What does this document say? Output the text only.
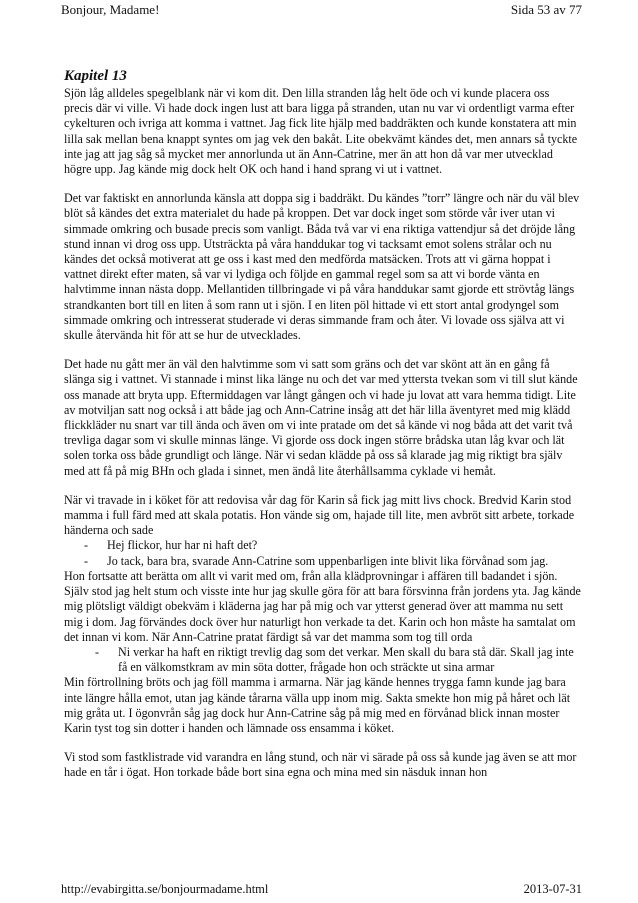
Bonjour, Madame!	Sida 53 av 77
Kapitel 13

Sjön låg alldeles spegelblank när vi kom dit. Den lilla stranden låg helt öde och vi kunde placera oss precis där vi ville. Vi hade dock ingen lust att bara ligga på stranden, utan nu var vi ordentligt varma efter cykelturen och ivriga att komma i vattnet. Jag fick lite hjälp med baddräkten och kunde konstatera att min lilla sak mellan bena knappt syntes om jag vek den bakåt. Lite obekvämt kändes det, men annars så tyckte inte jag att jag såg så mycket mer annorlunda ut än Ann-Catrine, mer än att hon då var mer utvecklad högre upp. Jag kände mig dock helt OK och hand i hand sprang vi ut i vattnet.

Det var faktiskt en annorlunda känsla att doppa sig i baddräkt. Du kändes ”torr” längre och när du väl blev blöt så kändes det extra materialet du hade på kroppen. Det var dock inget som störde vår iver utan vi simmade omkring och busade precis som vanligt. Båda två var vi ena riktiga vattendjur så det dröjde lång stund innan vi drog oss upp. Utsträckta på våra handdukar tog vi tacksamt emot solens strålar och nu kändes det också motiverat att ge oss i kast med den medförda matsäcken. Trots att vi gärna hoppat i vattnet direkt efter maten, så var vi lydiga och följde en gammal regel som sa att vi borde vänta en halvtimme innan nästa dopp. Mellantiden tillbringade vi på våra handdukar samt gjorde ett strövtåg längs strandkanten bort till en liten å som rann ut i sjön. I en liten pöl hittade vi ett stort antal grodyngel som simmade omkring och intresserat studerade vi deras simmande fram och åter. Vi lovade oss själva att vi skulle återvända hit för att se hur de utvecklades.

Det hade nu gått mer än väl den halvtimme som vi satt som gräns och det var skönt att än en gång få slänga sig i vattnet. Vi stannade i minst lika länge nu och det var med yttersta tvekan som vi till slut kände oss manade att bryta upp. Eftermiddagen var långt gången och vi hade ju lovat att vara hemma tidigt. Lite av motviljan satt nog också i att både jag och Ann-Catrine insåg att det här lilla äventyret med mig klädd flickkläder nu snart var till ända och även om vi inte pratade om det så kände vi nog båda att det varit två trevliga dagar som vi skulle minnas länge. Vi gjorde oss dock ingen större brådska utan låg kvar och lät solen torka oss både grundligt och länge. När vi sedan klädde på oss så klarade jag mig riktigt bra själv med att få på mig BHn och glada i sinnet, men ändå lite återhållsamma cyklade vi hemåt.

När vi travade in i köket för att redovisa vår dag för Karin så fick jag mitt livs chock. Bredvid Karin stod mamma i full färd med att skala potatis. Hon vände sig om, hajade till lite, men avbröt sitt arbete, torkade händerna och sade

-	Hej flickor, hur har ni haft det?
-	Jo tack, bara bra, svarade Ann-Catrine som uppenbarligen inte blivit lika förvånad som jag.

Hon fortsatte att berätta om allt vi varit med om, från alla klädprovningar i affären till badandet i sjön. Själv stod jag helt stum och visste inte hur jag skulle göra för att bara försvinna från jordens yta. Jag kände mig plötsligt väldigt obekväm i kläderna jag har på mig och var ytterst generad över att mamma nu sett mig i dom. Jag förvändes dock över hur naturligt hon verkade ta det. Karin och hon måste ha samtalat om det innan vi kom. När Ann-Catrine pratat färdigt så var det mamma som tog till orda

-	Ni verkar ha haft en riktigt trevlig dag som det verkar. Men skall du bara stå där. Skall jag inte få en välkomstkram av min söta dotter, frågade hon och sträckte ut sina armar

Min förtrollning bröts och jag föll mamma i armarna. När jag kände hennes trygga famn kunde jag bara inte längre hålla emot, utan jag kände tårarna välla upp inom mig. Sakta smekte hon mig på håret och lät mig gråta ut. I ögonvrån såg jag dock hur Ann-Catrine såg på mig med en förvånad blick innan moster Karin tyst tog sin dotter i handen och lämnade oss ensamma i köket.

Vi stod som fastklistrade vid varandra en lång stund, och när vi särade på oss så kunde jag även se att mor hade en tår i ögat. Hon torkade både bort sina egna och mina med sin näsduk innan hon

http://evabirgitta.se/bonjourmadame.html	2013-07-31
